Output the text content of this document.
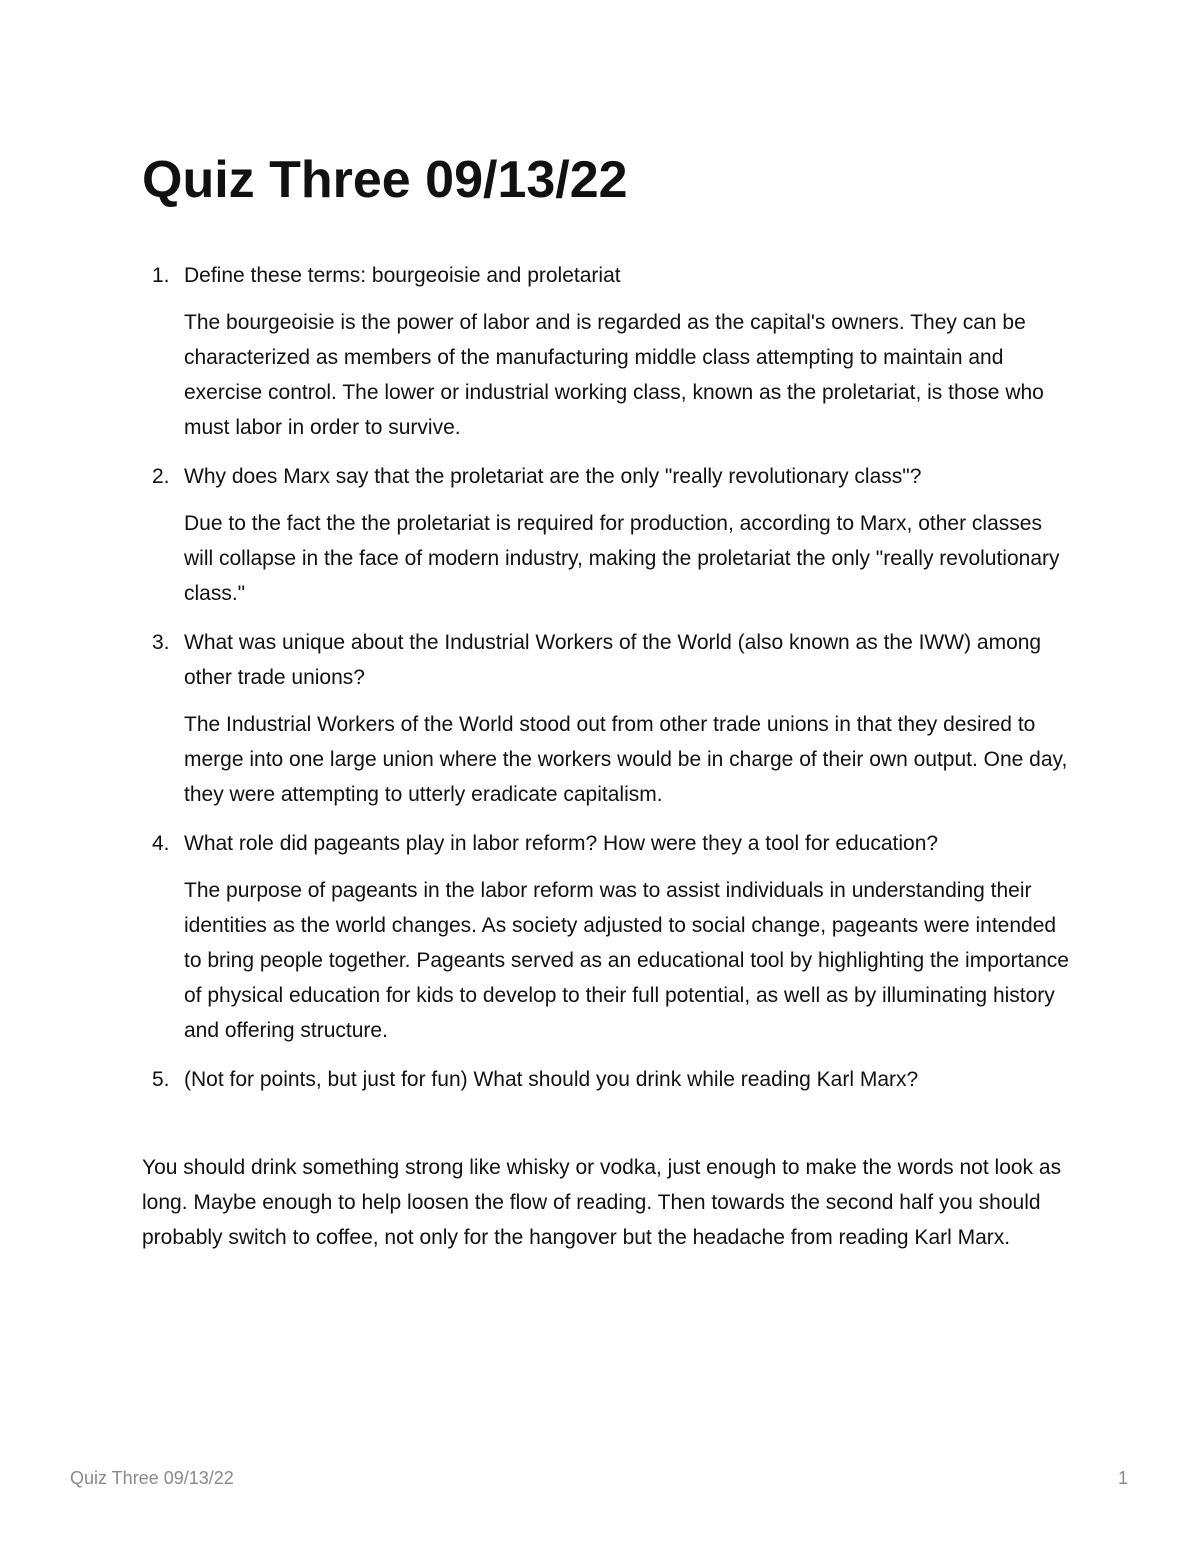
Quiz Three 09/13/22
1. Define these terms: bourgeoisie and proletariat

The bourgeoisie is the power of labor and is regarded as the capital's owners. They can be characterized as members of the manufacturing middle class attempting to maintain and exercise control. The lower or industrial working class, known as the proletariat, is those who must labor in order to survive.

2. Why does Marx say that the proletariat are the only "really revolutionary class"?

Due to the fact the the proletariat is required for production, according to Marx, other classes will collapse in the face of modern industry, making the proletariat the only "really revolutionary class."

3. What was unique about the Industrial Workers of the World (also known as the IWW) among other trade unions?

The Industrial Workers of the World stood out from other trade unions in that they desired to merge into one large union where the workers would be in charge of their own output. One day, they were attempting to utterly eradicate capitalism.

4. What role did pageants play in labor reform? How were they a tool for education?

The purpose of pageants in the labor reform was to assist individuals in understanding their identities as the world changes. As society adjusted to social change, pageants were intended to bring people together. Pageants served as an educational tool by highlighting the importance of physical education for kids to develop to their full potential, as well as by illuminating history and offering structure.

5. (Not for points, but just for fun) What should you drink while reading Karl Marx?

You should drink something strong like whisky or vodka, just enough to make the words not look as long. Maybe enough to help loosen the flow of reading. Then towards the second half you should probably switch to coffee, not only for the hangover but the headache from reading Karl Marx.

Quiz Three 09/13/22	1
